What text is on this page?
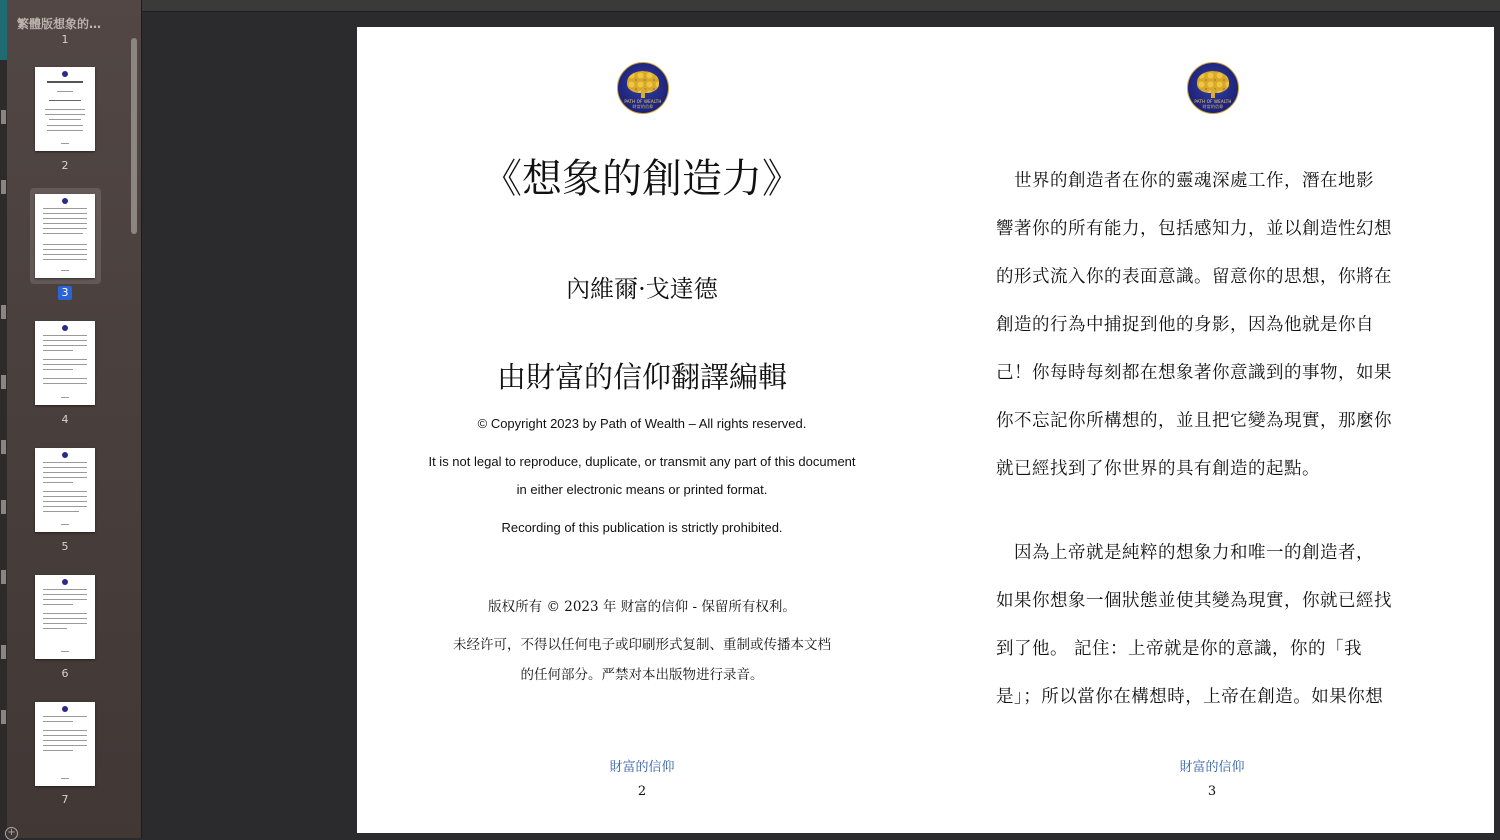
繁體版想象的…
1
2
3
4
5
6
7
+
PATH OF WEALTH
財富的信仰
《想象的創造力》
內維爾·戈達德
由財富的信仰翻譯編輯
© Copyright 2023 by Path of Wealth – All rights reserved.
It is not legal to reproduce, duplicate, or transmit any part of this document
in either electronic means or printed format.
Recording of this publication is strictly prohibited.
版权所有 © 2023 年 财富的信仰 - 保留所有权利。
未经许可，不得以任何电子或印刷形式复制、重制或传播本文档
的任何部分。严禁对本出版物进行录音。
財富的信仰
2
PATH OF WEALTH
財富的信仰
　世界的創造者在你的靈魂深處工作，潛在地影
響著你的所有能力，包括感知力，並以創造性幻想
的形式流入你的表面意識。留意你的思想，你將在
創造的行為中捕捉到他的身影，因為他就是你自
己！你每時每刻都在想象著你意識到的事物，如果
你不忘記你所構想的，並且把它變為現實，那麼你
就已經找到了你世界的具有創造的起點。
　因為上帝就是純粹的想象力和唯一的創造者，
如果你想象一個狀態並使其變為現實，你就已經找
到了他。 記住：上帝就是你的意識，你的「我
是」；所以當你在構想時，上帝在創造。如果你想
財富的信仰
3
